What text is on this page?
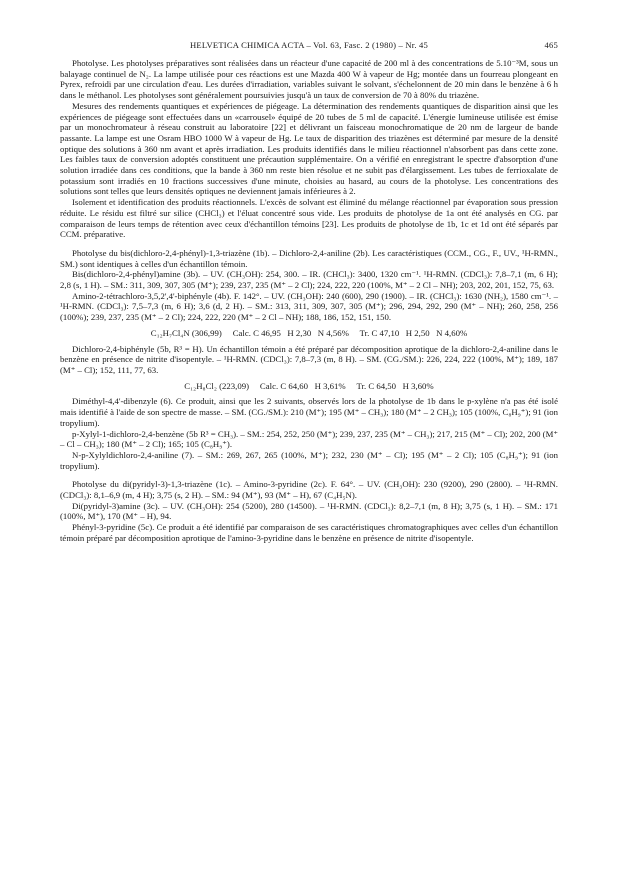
HELVETICA CHIMICA ACTA – Vol. 63, Fasc. 2 (1980) – Nr. 45	465

Photolyse. Les photolyses préparatives sont réalisées dans un réacteur d'une capacité de 200 ml à des concentrations de 5.10⁻³M, sous un balayage continuel de N₂. La lampe utilisée pour ces réactions est une Mazda 400 W à vapeur de Hg; montée dans un fourreau plongeant en Pyrex, refroidi par une circulation d'eau. Les durées d'irradiation, variables suivant le solvant, s'échelonnent de 20 min dans le benzène à 6 h dans le méthanol. Les photolyses sont généralement poursuivies jusqu'à un taux de conversion de 70 à 80% du triazène.

Mesures des rendements quantiques et expériences de piégeage. La détermination des rendements quantiques de disparition ainsi que les expériences de piégeage sont effectuées dans un «carrousel» équipé de 20 tubes de 5 ml de capacité. L'énergie lumineuse utilisée est émise par un monochromateur à réseau construit au laboratoire [22] et délivrant un faisceau monochromatique de 20 nm de largeur de bande passante. La lampe est une Osram HBO 1000 W à vapeur de Hg. Le taux de disparition des triazènes est déterminé par mesure de la densité optique des solutions à 360 nm avant et après irradiation. Les produits identifiés dans le milieu réactionnel n'absorbent pas dans cette zone. Les faibles taux de conversion adoptés constituent une précaution supplémentaire. On a vérifié en enregistrant le spectre d'absorption d'une solution irradiée dans ces conditions, que la bande à 360 nm reste bien résolue et ne subit pas d'élargissement. Les tubes de ferrioxalate de potassium sont irradiés en 10 fractions successives d'une minute, choisies au hasard, au cours de la photolyse. Les concentrations des solutions sont telles que leurs densités optiques ne deviennent jamais inférieures à 2.

Isolement et identification des produits réactionnels. L'excès de solvant est éliminé du mélange réactionnel par évaporation sous pression réduite. Le résidu est filtré sur silice (CHCl₃) et l'éluat concentré sous vide. Les produits de photolyse de 1a ont été analysés en CG. par comparaison de leurs temps de rétention avec ceux d'échantillon témoins [23]. Les produits de photolyse de 1b, 1c et 1d ont été séparés par CCM. préparative.

Photolyse du bis(dichloro-2,4-phényl)-1,3-triazène (1b). – Dichloro-2,4-aniline (2b). Les caractéristiques (CCM., CG., F., UV., ¹H-RMN., SM.) sont identiques à celles d'un échantillon témoin.

Bis(dichloro-2,4-phényl)amine (3b). – UV. (CH₃OH): 254, 300. – IR. (CHCl₃): 3400, 1320 cm⁻¹. ¹H-RMN. (CDCl₃): 7,8–7,1 (m, 6 H); 2,8 (s, 1 H). – SM.: 311, 309, 307, 305 (M⁺); 239, 237, 235 (M⁺ – 2 Cl); 224, 222, 220 (100%, M⁺ – 2 Cl – NH); 203, 202, 201, 152, 75, 63.

Amino-2-tétrachloro-3,5,2',4'-biphényle (4b). F. 142°. – UV. (CH₃OH): 240 (600), 290 (1900). – IR. (CHCl₃): 1630 (NH₂), 1580 cm⁻¹. – ¹H-RMN. (CDCl₃): 7,5–7,3 (m, 6 H); 3,6 (d, 2 H). – SM.: 313, 311, 309, 307, 305 (M⁺); 296, 294, 292, 290 (M⁺ – NH); 260, 258, 256 (100%); 239, 237, 235 (M⁺ – 2 Cl); 224, 222, 220 (M⁺ – 2 Cl – NH); 188, 186, 152, 151, 150.

C₁₂H₇Cl₄N (306,99)     Calc. C 46,95   H 2,30   N 4,56%     Tr. C 47,10   H 2,50   N 4,60%

Dichloro-2,4-biphényle (5b, R³ = H). Un échantillon témoin a été préparé par décomposition aprotique de la dichloro-2,4-aniline dans le benzène en présence de nitrite d'isopentyle. – ¹H-RMN. (CDCl₃): 7,8–7,3 (m, 8 H). – SM. (CG./SM.): 226, 224, 222 (100%, M⁺); 189, 187 (M⁺ – Cl); 152, 111, 77, 63.

C₁₂H₈Cl₂ (223,09)     Calc. C 64,60   H 3,61%     Tr. C 64,50   H 3,60%

Diméthyl-4,4'-dibenzyle (6). Ce produit, ainsi que les 2 suivants, observés lors de la photolyse de 1b dans le p-xylène n'a pas été isolé mais identifié à l'aide de son spectre de masse. – SM. (CG./SM.): 210 (M⁺); 195 (M⁺ – CH₃); 180 (M⁺ – 2 CH₃); 105 (100%, C₈H₉⁺); 91 (ion tropylium).

p-Xylyl-1-dichloro-2,4-benzène (5b R³ = CH₃). – SM.: 254, 252, 250 (M⁺); 239, 237, 235 (M⁺ – CH₃); 217, 215 (M⁺ – Cl); 202, 200 (M⁺ – Cl – CH₃); 180 (M⁺ – 2 Cl); 165; 105 (C₈H₉⁺).

N-p-Xylyldichloro-2,4-aniline (7). – SM.: 269, 267, 265 (100%, M⁺); 232, 230 (M⁺ – Cl); 195 (M⁺ – 2 Cl); 105 (C₈H₉⁺); 91 (ion tropylium).

Photolyse du di(pyridyl-3)-1,3-triazène (1c). – Amino-3-pyridine (2c). F. 64°. – UV. (CH₃OH): 230 (9200), 290 (2800). – ¹H-RMN. (CDCl₃): 8,1–6,9 (m, 4 H); 3,75 (s, 2 H). – SM.: 94 (M⁺), 93 (M⁺ – H), 67 (C₄H₅N).

Di(pyridyl-3)amine (3c). – UV. (CH₃OH): 254 (5200), 280 (14500). – ¹H-RMN. (CDCl₃): 8,2–7,1 (m, 8 H); 3,75 (s, 1 H). – SM.: 171 (100%, M⁺), 170 (M⁺ – H), 94.

Phényl-3-pyridine (5c). Ce produit a été identifié par comparaison de ses caractéristiques chromatographiques avec celles d'un échantillon témoin préparé par décomposition aprotique de l'amino-3-pyridine dans le benzène en présence de nitrite d'isopentyle.
